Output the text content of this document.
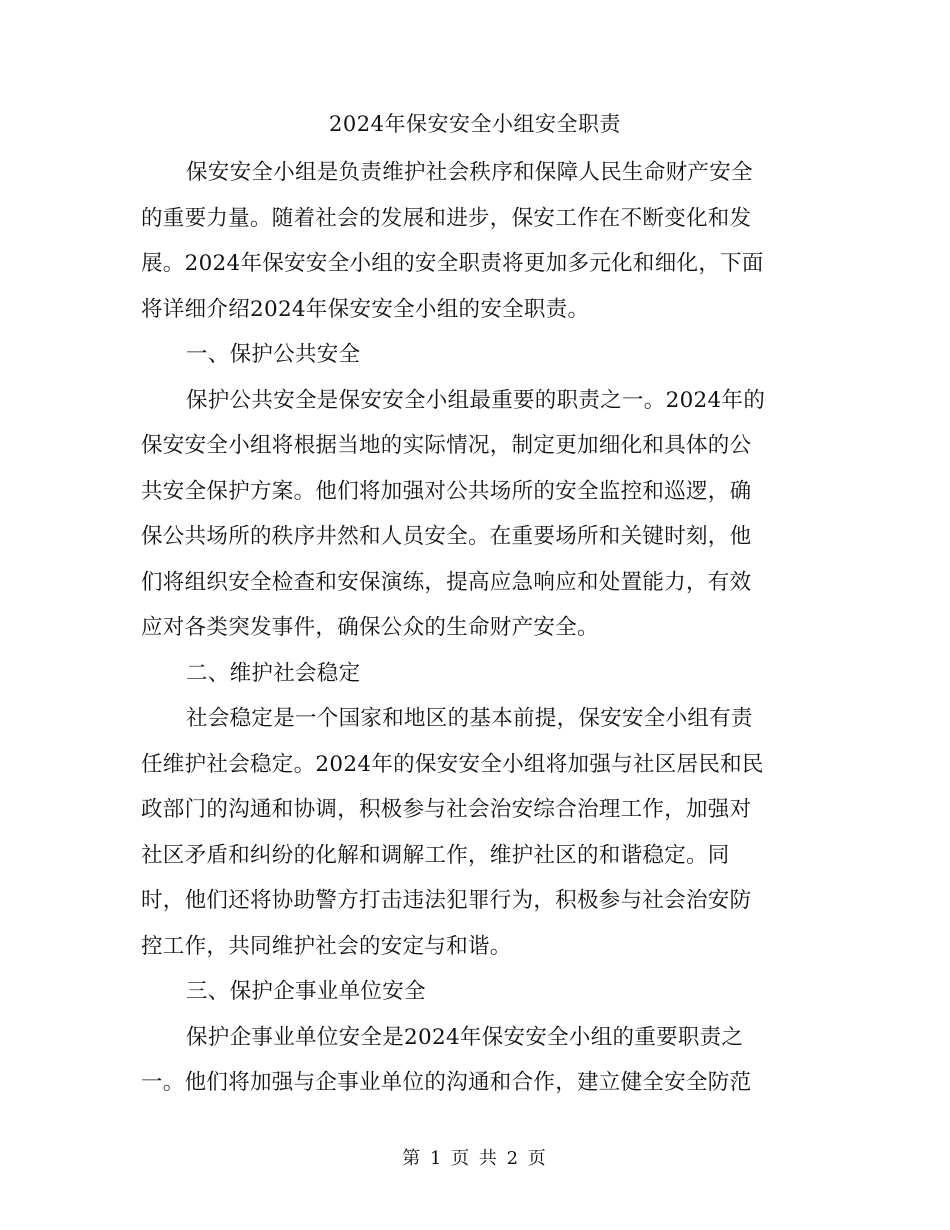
2024年保安安全小组安全职责
保安安全小组是负责维护社会秩序和保障人民生命财产安全
的重要力量。随着社会的发展和进步，保安工作在不断变化和发
展。2024年保安安全小组的安全职责将更加多元化和细化，下面
将详细介绍2024年保安安全小组的安全职责。
一、保护公共安全
保护公共安全是保安安全小组最重要的职责之一。2024年的
保安安全小组将根据当地的实际情况，制定更加细化和具体的公
共安全保护方案。他们将加强对公共场所的安全监控和巡逻，确
保公共场所的秩序井然和人员安全。在重要场所和关键时刻，他
们将组织安全检查和安保演练，提高应急响应和处置能力，有效
应对各类突发事件，确保公众的生命财产安全。
二、维护社会稳定
社会稳定是一个国家和地区的基本前提，保安安全小组有责
任维护社会稳定。2024年的保安安全小组将加强与社区居民和民
政部门的沟通和协调，积极参与社会治安综合治理工作，加强对
社区矛盾和纠纷的化解和调解工作，维护社区的和谐稳定。同
时，他们还将协助警方打击违法犯罪行为，积极参与社会治安防
控工作，共同维护社会的安定与和谐。
三、保护企事业单位安全
保护企事业单位安全是2024年保安安全小组的重要职责之
一。他们将加强与企事业单位的沟通和合作，建立健全安全防范
第 1 页 共 2 页
